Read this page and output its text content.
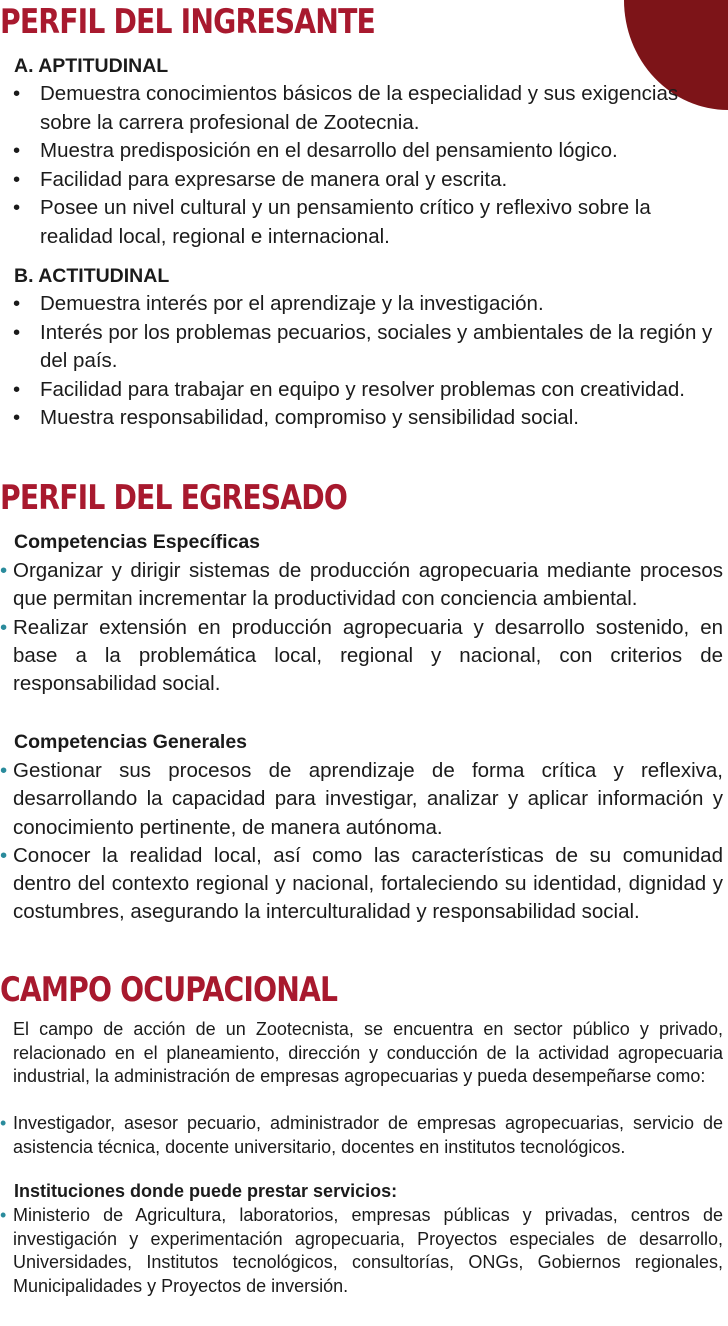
PERFIL DEL INGRESANTE
A. APTITUDINAL
• Demuestra conocimientos básicos de la especialidad y sus exigencias sobre la carrera profesional de Zootecnia.
• Muestra predisposición en el desarrollo del pensamiento lógico.
• Facilidad para expresarse de manera oral y escrita.
• Posee un nivel cultural y un pensamiento crítico y reflexivo sobre la realidad local, regional e internacional.
B. ACTITUDINAL
• Demuestra interés por el aprendizaje y la investigación.
• Interés por los problemas pecuarios, sociales y ambientales de la región y del país.
• Facilidad para trabajar en equipo y resolver problemas con creatividad.
• Muestra responsabilidad, compromiso y sensibilidad social.
PERFIL DEL EGRESADO
Competencias Específicas
• Organizar y dirigir sistemas de producción agropecuaria mediante procesos que permitan incrementar la productividad con conciencia ambiental.
• Realizar extensión en producción agropecuaria y desarrollo sostenido, en base a la problemática local, regional y nacional, con criterios de responsabilidad social.
Competencias Generales
• Gestionar sus procesos de aprendizaje de forma crítica y reflexiva, desarrollando la capacidad para investigar, analizar y aplicar información y conocimiento pertinente, de manera autónoma.
• Conocer la realidad local, así como las características de su comunidad dentro del contexto regional y nacional, fortaleciendo su identidad, dignidad y costumbres, asegurando la interculturalidad y responsabilidad social.
CAMPO OCUPACIONAL

El campo de acción de un Zootecnista, se encuentra en sector público y privado, relacionado en el planeamiento, dirección y conducción de la actividad agropecuaria industrial, la administración de empresas agropecuarias y pueda desempeñarse como:

• Investigador, asesor pecuario, administrador de empresas agropecuarias, servicio de asistencia técnica, docente universitario, docentes en institutos tecnológicos.
Instituciones donde puede prestar servicios:
• Ministerio de Agricultura, laboratorios, empresas públicas y privadas, centros de investigación y experimentación agropecuaria, Proyectos especiales de desarrollo, Universidades, Institutos tecnológicos, consultorías, ONGs, Gobiernos regionales, Municipalidades y Proyectos de inversión.
